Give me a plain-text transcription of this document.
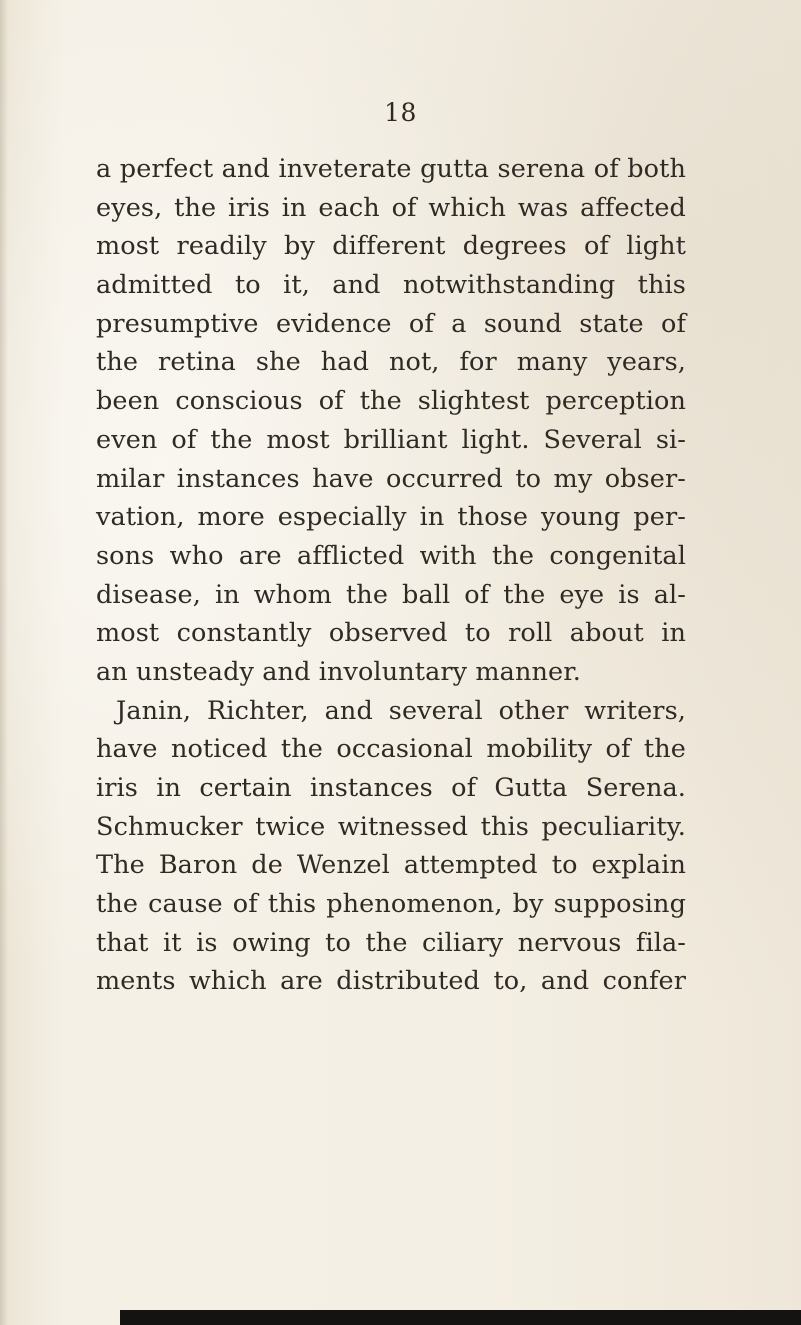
18
a perfect and inveterate gutta serena of both
eyes, the iris in each of which was affected
most readily by different degrees of light
admitted to it, and notwithstanding this
presumptive evidence of a sound state of
the retina she had not, for many years,
been conscious of the slightest perception
even of the most brilliant light. Several si-
milar instances have occurred to my obser-
vation, more especially in those young per-
sons who are afflicted with the congenital
disease, in whom the ball of the eye is al-
most constantly observed to roll about in
an unsteady and involuntary manner.
Janin, Richter, and several other writers,
have noticed the occasional mobility of the
iris in certain instances of Gutta Serena.
Schmucker twice witnessed this peculiarity.
The Baron de Wenzel attempted to explain
the cause of this phenomenon, by supposing
that it is owing to the ciliary nervous fila-
ments which are distributed to, and confer
